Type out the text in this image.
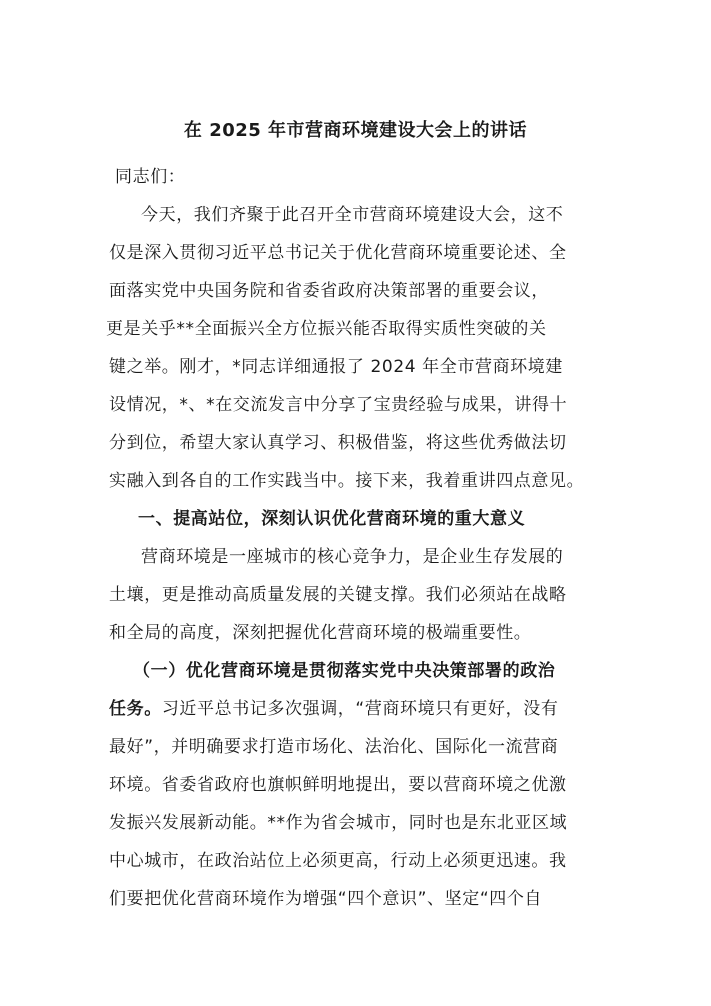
在 2025 年市营商环境建设大会上的讲话
同志们：
今天，我们齐聚于此召开全市营商环境建设大会，这不
仅是深入贯彻习近平总书记关于优化营商环境重要论述、全
面落实党中央国务院和省委省政府决策部署的重要会议，
更是关乎**全面振兴全方位振兴能否取得实质性突破的关
键之举。刚才，*同志详细通报了 2024 年全市营商环境建
设情况，*、*在交流发言中分享了宝贵经验与成果，讲得十
分到位，希望大家认真学习、积极借鉴，将这些优秀做法切
实融入到各自的工作实践当中。接下来，我着重讲四点意见。
一、提高站位，深刻认识优化营商环境的重大意义
营商环境是一座城市的核心竞争力，是企业生存发展的
土壤，更是推动高质量发展的关键支撑。我们必须站在战略
和全局的高度，深刻把握优化营商环境的极端重要性。
（一）优化营商环境是贯彻落实党中央决策部署的政治
任务。习近平总书记多次强调，“营商环境只有更好，没有
最好”，并明确要求打造市场化、法治化、国际化一流营商
环境。省委省政府也旗帜鲜明地提出，要以营商环境之优激
发振兴发展新动能。**作为省会城市，同时也是东北亚区域
中心城市，在政治站位上必须更高，行动上必须更迅速。我
们要把优化营商环境作为增强“四个意识”、坚定“四个自
